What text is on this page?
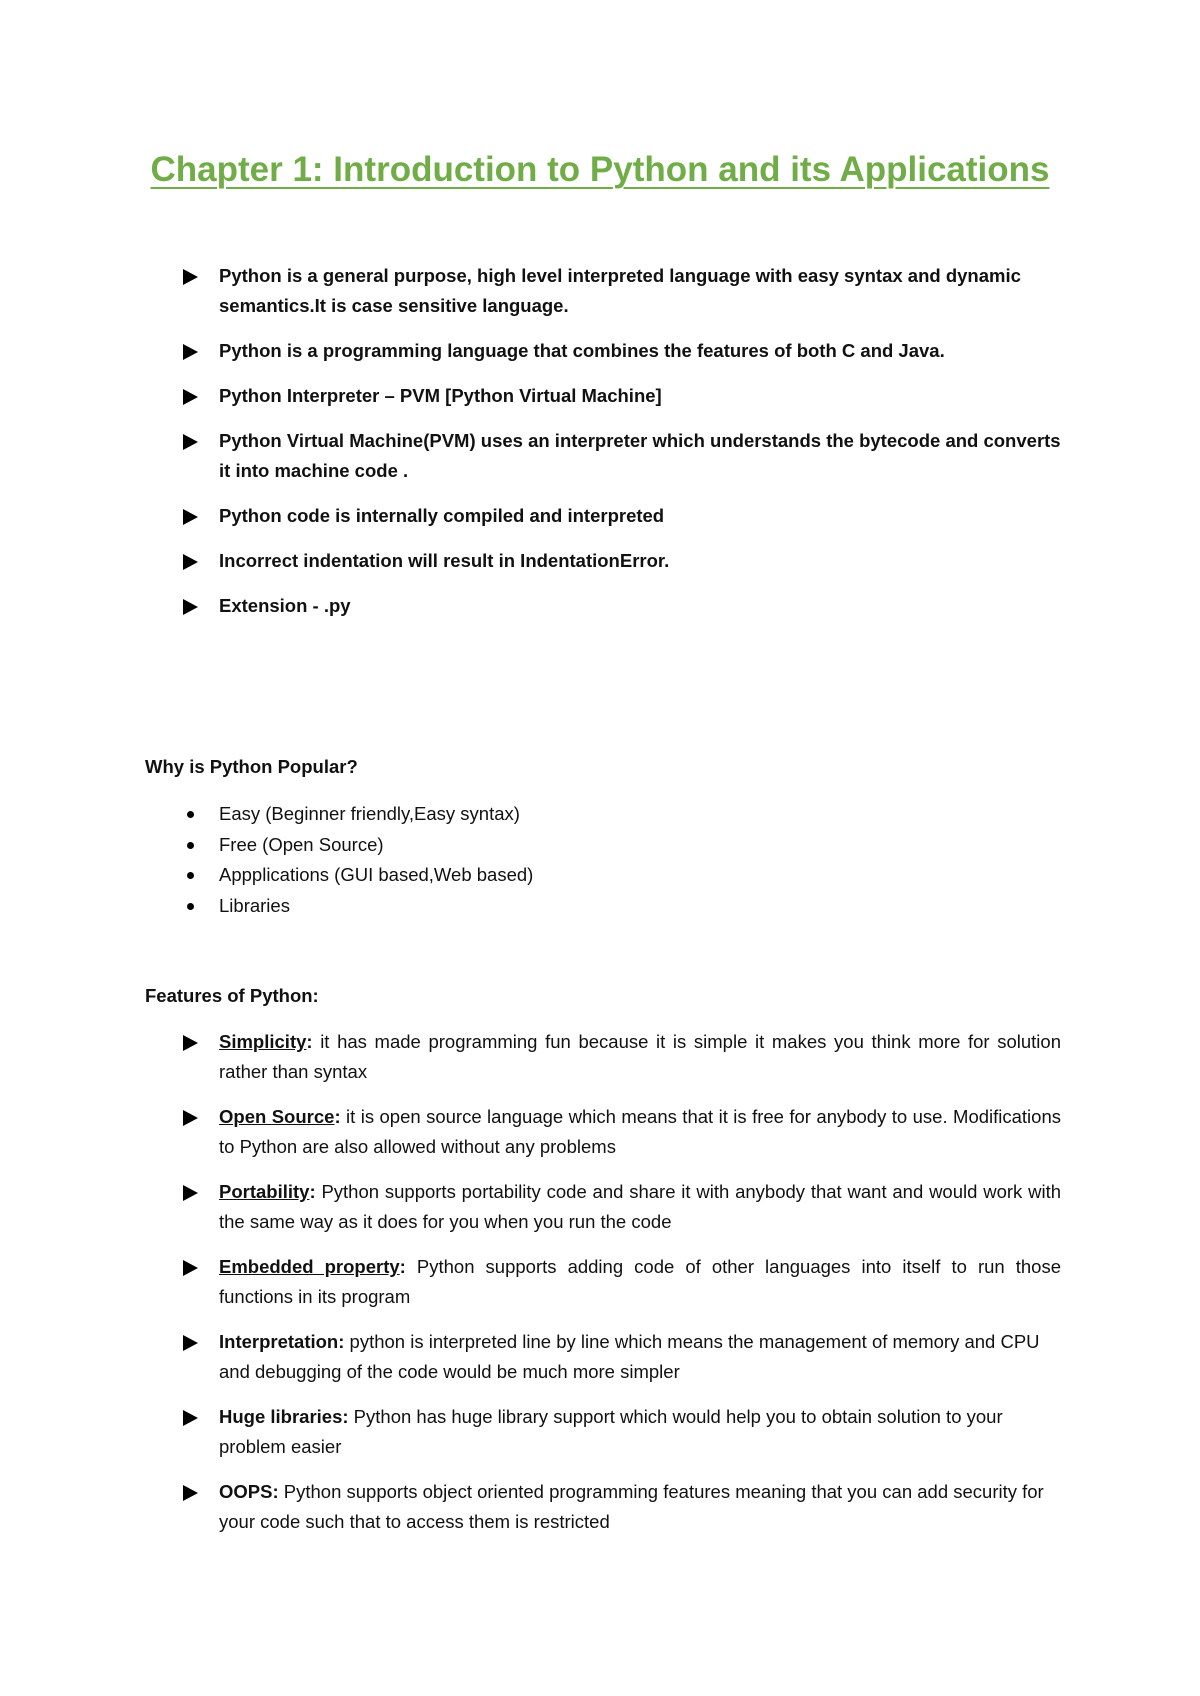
Chapter 1: Introduction to Python and its Applications
Python is a general purpose, high level interpreted language with easy syntax and dynamic semantics.It is case sensitive language.
Python is a programming language that combines the features of both C and Java.
Python Interpreter – PVM [Python Virtual Machine]
Python Virtual Machine(PVM) uses an interpreter which understands the bytecode and converts it into machine code .
Python code is internally compiled and interpreted
Incorrect indentation will result in IndentationError.
Extension - .py
Why is Python Popular?
Easy (Beginner friendly,Easy syntax)
Free (Open Source)
Appplications (GUI based,Web based)
Libraries
Features of Python:
Simplicity: it has made programming fun because it is simple it makes you think more for solution rather than syntax
Open Source: it is open source language which means that it is free for anybody to use. Modifications to Python are also allowed without any problems
Portability: Python supports portability code and share it with anybody that want and would work with the same way as it does for you when you run the code
Embedded property: Python supports adding code of other languages into itself to run those functions in its program
Interpretation: python is interpreted line by line which means the management of memory and CPU and debugging of the code would be much more simpler
Huge libraries: Python has huge library support which would help you to obtain solution to your problem easier
OOPS: Python supports object oriented programming features meaning that you can add security for your code such that to access them is restricted
